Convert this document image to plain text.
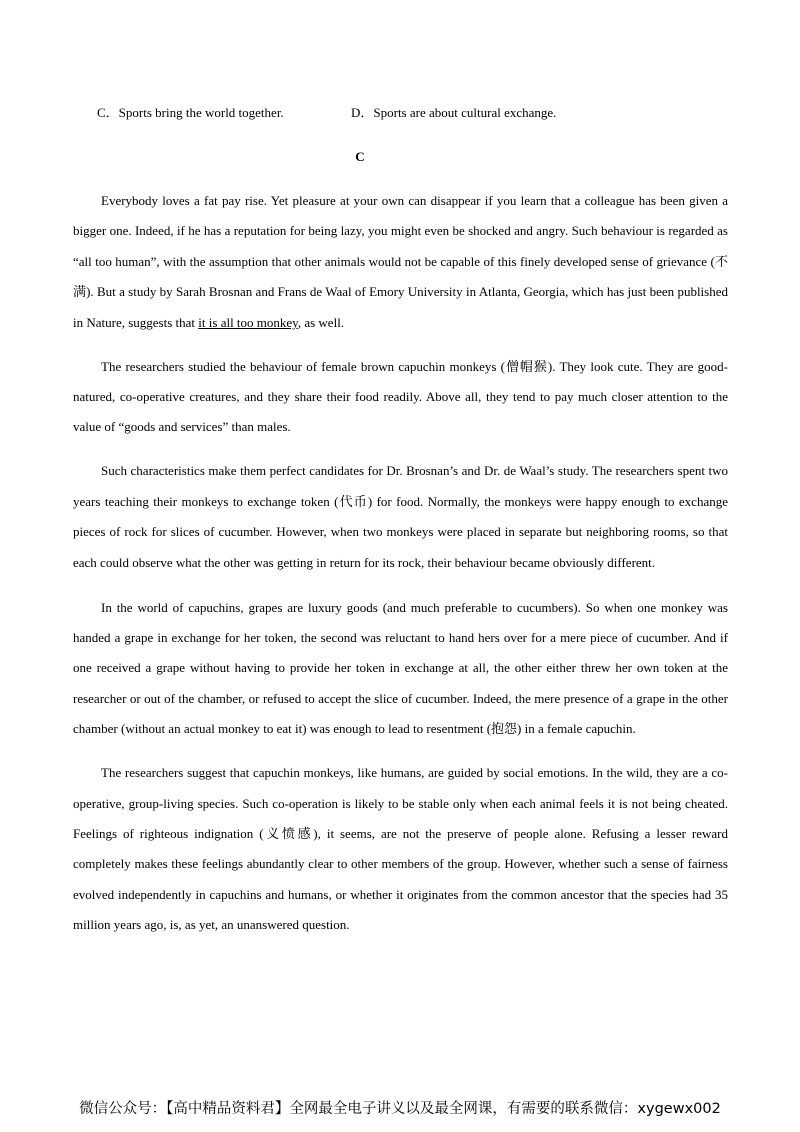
C．Sports bring the world together.	D．Sports are about cultural exchange.
C

Everybody loves a fat pay rise. Yet pleasure at your own can disappear if you learn that a colleague has been given a bigger one. Indeed, if he has a reputation for being lazy, you might even be shocked and angry. Such behaviour is regarded as “all too human”, with the assumption that other animals would not be capable of this finely developed sense of grievance (不满). But a study by Sarah Brosnan and Frans de Waal of Emory University in Atlanta, Georgia, which has just been published in Nature, suggests that it is all too monkey, as well.

The researchers studied the behaviour of female brown capuchin monkeys (僧帽猴). They look cute. They are good-natured, co-operative creatures, and they share their food readily. Above all, they tend to pay much closer attention to the value of “goods and services” than males.

Such characteristics make them perfect candidates for Dr. Brosnan’s and Dr. de Waal’s study. The researchers spent two years teaching their monkeys to exchange token (代币) for food. Normally, the monkeys were happy enough to exchange pieces of rock for slices of cucumber. However, when two monkeys were placed in separate but neighboring rooms, so that each could observe what the other was getting in return for its rock, their behaviour became obviously different.

In the world of capuchins, grapes are luxury goods (and much preferable to cucumbers). So when one monkey was handed a grape in exchange for her token, the second was reluctant to hand hers over for a mere piece of cucumber. And if one received a grape without having to provide her token in exchange at all, the other either threw her own token at the researcher or out of the chamber, or refused to accept the slice of cucumber. Indeed, the mere presence of a grape in the other chamber (without an actual monkey to eat it) was enough to lead to resentment (抱怨) in a female capuchin.

The researchers suggest that capuchin monkeys, like humans, are guided by social emotions. In the wild, they are a co-operative, group-living species. Such co-operation is likely to be stable only when each animal feels it is not being cheated. Feelings of righteous indignation (义愤感), it seems, are not the preserve of people alone. Refusing a lesser reward completely makes these feelings abundantly clear to other members of the group. However, whether such a sense of fairness evolved independently in capuchins and humans, or whether it originates from the common ancestor that the species had 35 million years ago, is, as yet, an unanswered question.

微信公众号：【高中精品资料君】全网最全电子讲义以及最全网课，有需要的联系微信：xygewx002
